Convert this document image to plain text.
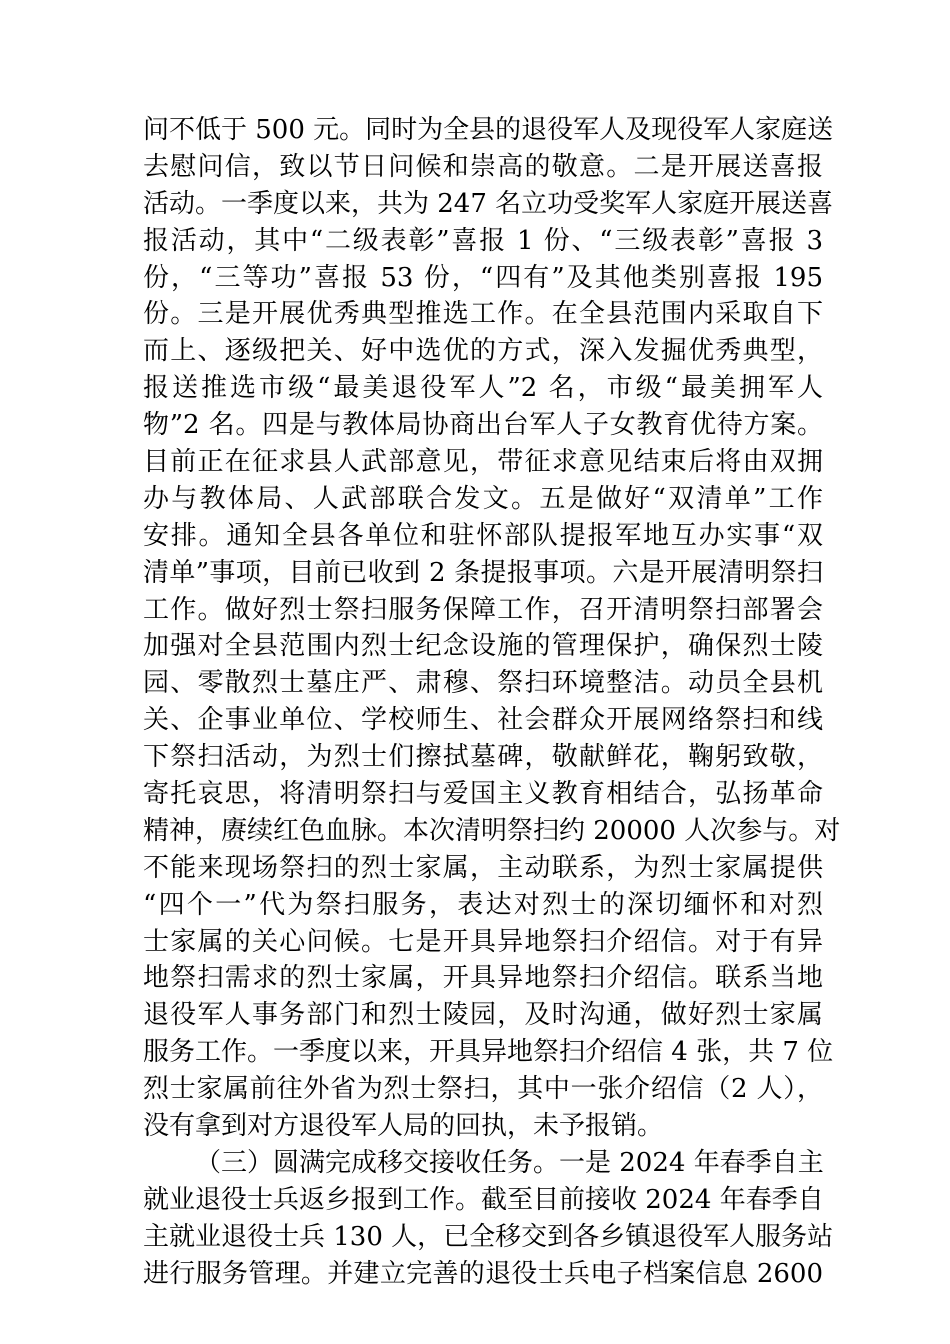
问不低于 500 元。同时为全县的退役军人及现役军人家庭送
去慰问信，致以节日问候和崇高的敬意。二是开展送喜报
活动。一季度以来，共为 247 名立功受奖军人家庭开展送喜
报活动，其中“二级表彰”喜报 1 份、“三级表彰”喜报 3
份，“三等功”喜报 53 份，“四有”及其他类别喜报 195
份。三是开展优秀典型推选工作。在全县范围内采取自下
而上、逐级把关、好中选优的方式，深入发掘优秀典型，
报送推选市级“最美退役军人”2 名，市级“最美拥军人
物”2 名。四是与教体局协商出台军人子女教育优待方案。
目前正在征求县人武部意见，带征求意见结束后将由双拥
办与教体局、人武部联合发文。五是做好“双清单”工作
安排。通知全县各单位和驻怀部队提报军地互办实事“双
清单”事项，目前已收到 2 条提报事项。六是开展清明祭扫
工作。做好烈士祭扫服务保障工作，召开清明祭扫部署会
加强对全县范围内烈士纪念设施的管理保护，确保烈士陵
园、零散烈士墓庄严、肃穆、祭扫环境整洁。动员全县机
关、企事业单位、学校师生、社会群众开展网络祭扫和线
下祭扫活动，为烈士们擦拭墓碑，敬献鲜花，鞠躬致敬，
寄托哀思，将清明祭扫与爱国主义教育相结合，弘扬革命
精神，赓续红色血脉。本次清明祭扫约 20000 人次参与。对
不能来现场祭扫的烈士家属，主动联系，为烈士家属提供
“四个一”代为祭扫服务，表达对烈士的深切缅怀和对烈
士家属的关心问候。七是开具异地祭扫介绍信。对于有异
地祭扫需求的烈士家属，开具异地祭扫介绍信。联系当地
退役军人事务部门和烈士陵园，及时沟通，做好烈士家属
服务工作。一季度以来，开具异地祭扫介绍信 4 张，共 7 位
烈士家属前往外省为烈士祭扫，其中一张介绍信（2 人），
没有拿到对方退役军人局的回执，未予报销。
（三）圆满完成移交接收任务。一是 2024 年春季自主
就业退役士兵返乡报到工作。截至目前接收 2024 年春季自
主就业退役士兵 130 人，已全移交到各乡镇退役军人服务站
进行服务管理。并建立完善的退役士兵电子档案信息 2600
